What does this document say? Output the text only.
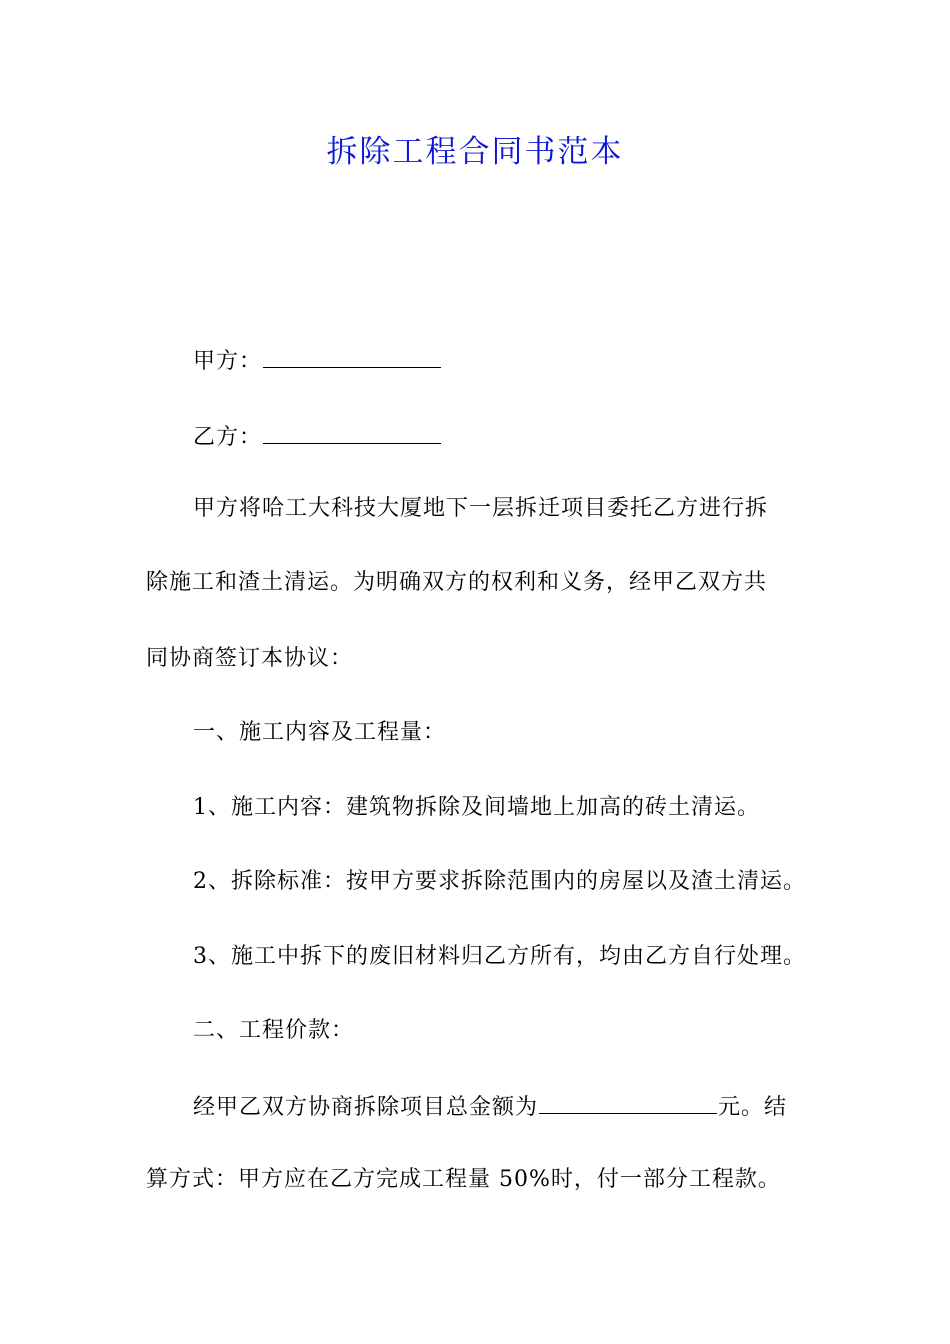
拆除工程合同书范本
甲方：
乙方：
甲方将哈工大科技大厦地下一层拆迁项目委托乙方进行拆
除施工和渣土清运。为明确双方的权利和义务，经甲乙双方共
同协商签订本协议：
一、施工内容及工程量：
1、施工内容：建筑物拆除及间墙地上加高的砖土清运。
2、拆除标准：按甲方要求拆除范围内的房屋以及渣土清运。
3、施工中拆下的废旧材料归乙方所有，均由乙方自行处理。
二、工程价款：
经甲乙双方协商拆除项目总金额为	元。结
算方式：甲方应在乙方完成工程量 50%时，付一部分工程款。
